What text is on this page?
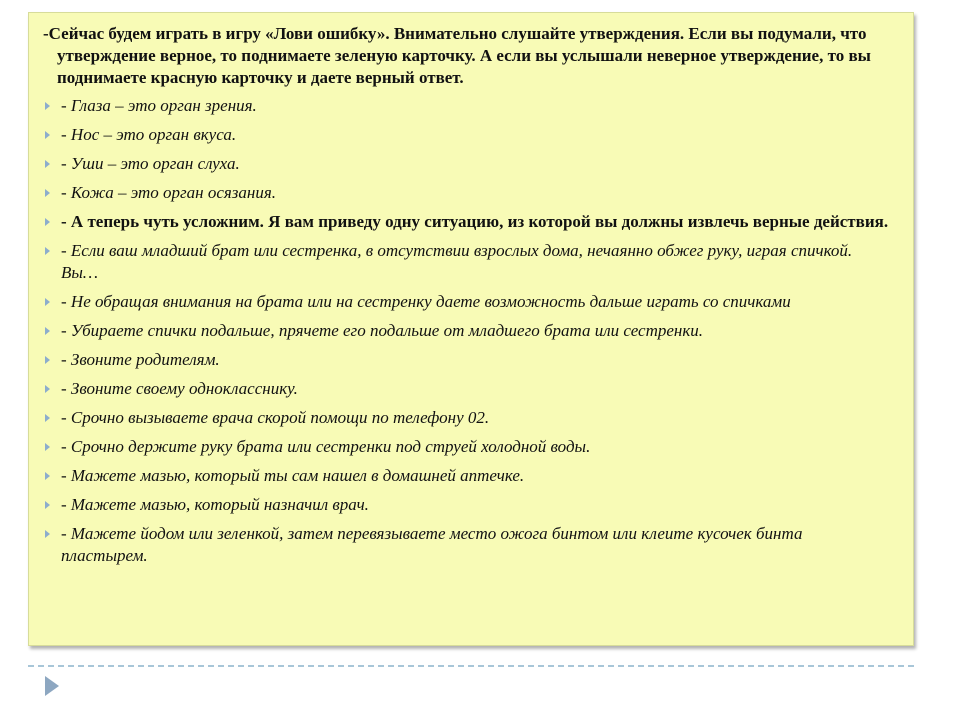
-Сейчас будем играть в игру «Лови ошибку». Внимательно слушайте утверждения. Если вы подумали, что утверждение верное, то поднимаете зеленую карточку. А если вы услышали неверное утверждение, то вы поднимаете красную карточку и даете верный ответ.

- Глаза – это орган зрения.
- Нос – это орган вкуса.
- Уши – это орган слуха.
- Кожа – это орган осязания.
- А теперь чуть усложним. Я вам приведу одну ситуацию, из которой вы должны извлечь верные действия.
- Если ваш младший брат или сестренка, в отсутствии взрослых дома, нечаянно обжег руку, играя спичкой. Вы…
- Не обращая внимания на брата или на сестренку даете возможность дальше играть со спичками
- Убираете спички подальше, прячете его подальше от младшего брата или сестренки.
- Звоните родителям.
- Звоните своему однокласснику.
- Срочно вызываете врача скорой помощи по телефону 02.
- Срочно держите руку брата или сестренки под струей холодной воды.
- Мажете мазью, который ты сам нашел в домашней аптечке.
- Мажете мазью, который назначил врач.
- Мажете йодом или зеленкой, затем перевязываете место ожога бинтом или клеите кусочек бинта пластырем.
